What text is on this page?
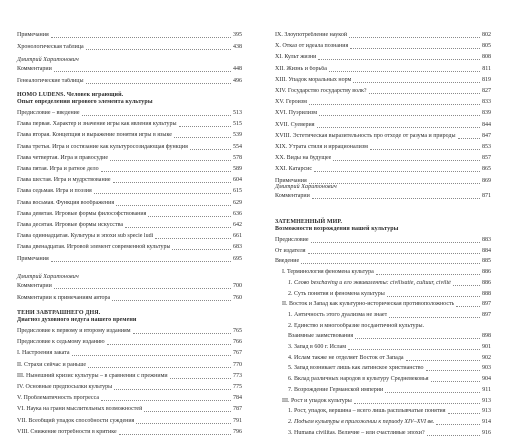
Примечания	395
Хронологическая таблица	438
Дмитрий Харитонович
Комментарии	448
Генеалогические таблицы	496
HOMO LUDENS. Человек играющий.
Опыт определения игрового элемента культуры
Предисловие – введение	513
Глава первая. Характер и значение игры как явления культуры	515
Глава вторая. Концепция и выражение понятия игры в языке	539
Глава третья. Игра и состязание как культуросозидающая функция	554
Глава четвертая. Игра и правосудие	578
Глава пятая. Игра и ратное дело	589
Глава шестая. Игра и мудрствование	604
Глава седьмая. Игра и поэзия	615
Глава восьмая. Функция воображения	629
Глава девятая. Игровые формы философствования	636
Глава десятая. Игровые формы искусства	642
Глава одиннадцатая. Культуры и эпохи sub specie ludi	661
Глава двенадцатая. Игровой элемент современной культуры	683
Примечания	695
Дмитрий Харитонович
Комментарии	700
Комментарии к примечаниям автора	760
ТЕНИ ЗАВТРАШНЕГО ДНЯ.
Диагноз духовного недуга нашего времени
Предисловие к первому и второму изданиям	765
Предисловие к седьмому изданию	766
I. Настроения заката	767
II. Страхи сейчас и раньше	770
III. Нынешний кризис культуры – в сравнении с прежними	773
IV. Основные предпосылки культуры	775
V. Проблематичность прогресса	784
VI. Наука на грани мыслительных возможностей	787
VII. Всеобщий упадок способности суждения	791
VIII. Снижение потребности в критике	796
IX. Злоупотребление наукой	802
X. Отказ от идеала познания	805
XI. Культ жизни	808
XII. Жизнь и борьба	811
XIII. Упадок моральных норм	819
XIV. Государство государству волк?	827
XV. Героизм	833
XVI. Пуэрилизм	839
XVII. Суеверия	844
XVIII. Эстетическая выразительность про отходе от разума и природы	847
XIX. Утрата стиля и иррационализм	853
XX. Виды на будущее	857
XXI. Катарсис	865
Примечания	869
Дмитрий Харитонович
Комментарии	871
ЗАТЕМНЕННЫЙ МИР.
Возможности возрождения нашей культуры
Предисловие	883
От издателя	884
Введение	885
I. Терминология феномена культура	886
1. Слово beschaving и его эквиваленты: civilisatie, cultuur, civilté	886
2. Суть понятия и феномена культуры	888
II. Восток и Запад как культурно-историческая противоположность	897
1. Античность этого дуализма не знает	897
2. Единство и многообразие посдантичной культуры.
Взаимные заимствования	898
3. Запад в 600 г. Ислам	901
4. Ислам также не отделяет Восток от Запада	902
5. Запад возникает лишь как латинское христианство	903
6. Вклад различных народов в культуру Средневековья	904
7. Возрождение Германской империи	911
III. Рост и упадок культуры	913
1. Рост, упадок, вершина – всего лишь расплывчатые понятия	913
2. Подъем культуры в приложении к периоду XIV–XVI вв.	914
3. Humana civilitas. Величие – или счастливые эпохи?	916
